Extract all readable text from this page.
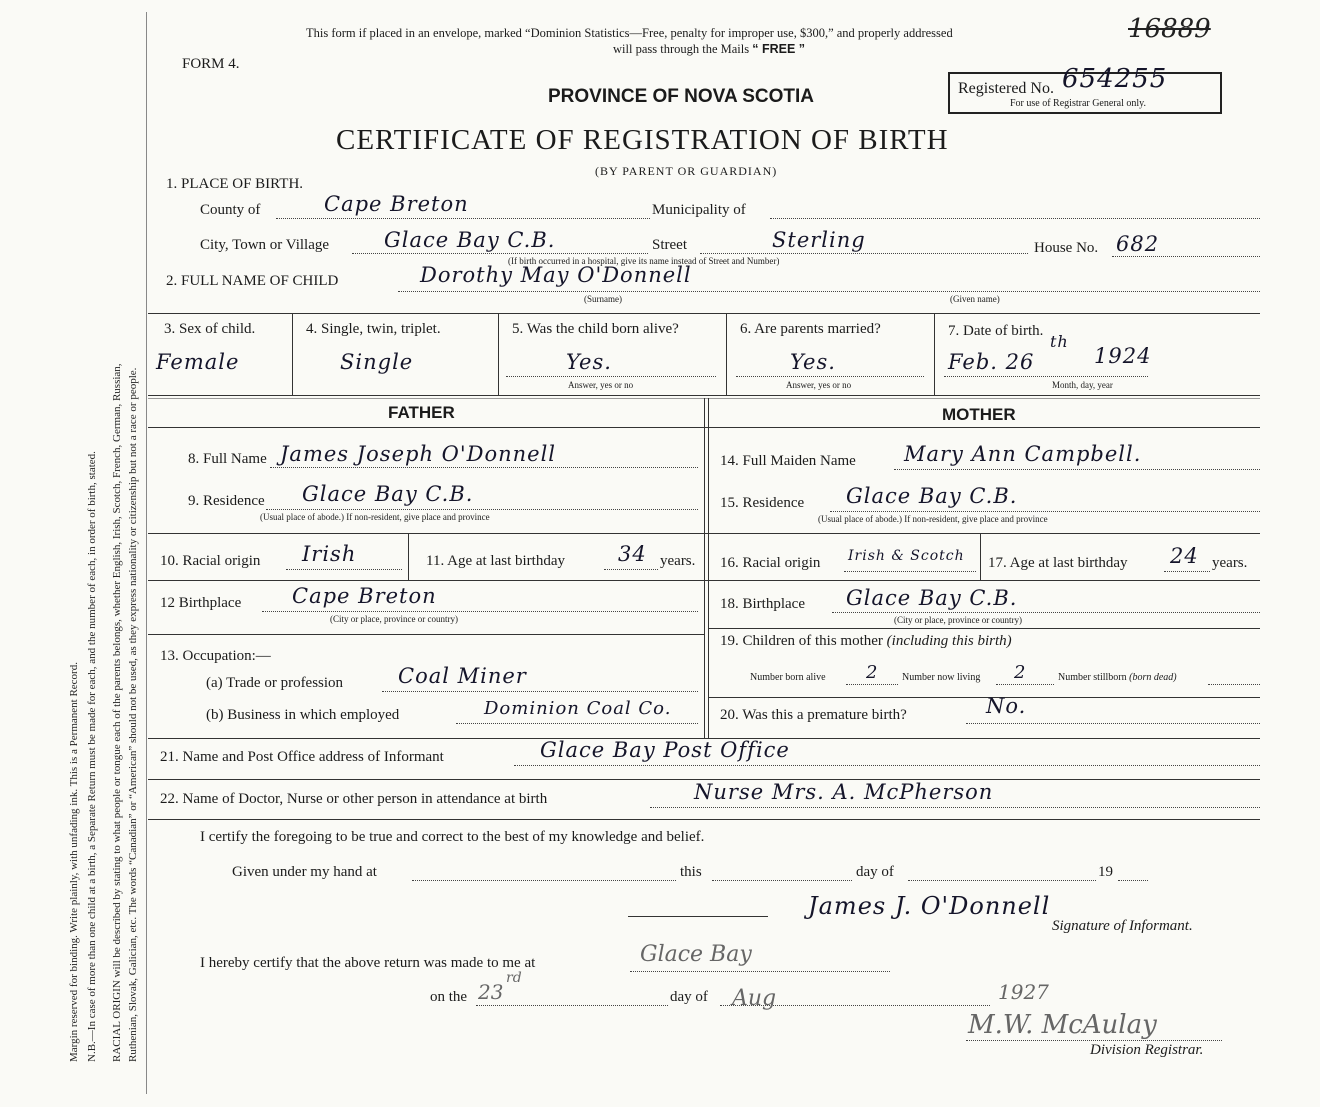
Margin reserved for binding. Write plainly, with unfading ink. This is a Permanent Record. N.B.—In case of more than one child at a birth, a Separate Return must be made for each, and the number of each, in order of birth, stated. RACIAL ORIGIN will be described by stating to what people or tongue each of the parents belongs, whether English, Irish, Scotch, French, German, Russian, Ruthenian, Slovak, Galician, etc. The words “Canadian” or “American” should not be used, as they express nationality or citizenship but not a race or people.
This form if placed in an envelope, marked “Dominion Statistics—Free, penalty for improper use, $300,” and properly addressed
will pass through the Mails “ FREE ”
16889
FORM 4.
PROVINCE OF NOVA SCOTIA
CERTIFICATE OF REGISTRATION OF BIRTH
(BY PARENT OR GUARDIAN)
Registered No. 654255
For use of Registrar General only.
1. PLACE OF BIRTH.
County of	Cape Breton	Municipality of
City, Town or Village	Glace Bay C.B.	Street	Sterling	House No. 682
(If birth occurred in a hospital, give its name instead of Street and Number)
2. FULL NAME OF CHILD	Dorothy May O'Donnell
(Surname)	(Given name)
3. Sex of child.
Female
4. Single, twin, triplet.
Single
5. Was the child born alive?
Yes.
Answer, yes or no
6. Are parents married?
Yes.
Answer, yes or no
7. Date of birth.
Feb. 26
th
1924
Month, day, year
FATHER	MOTHER
8. Full Name James Joseph O'Donnell
9. Residence Glace Bay C.B.
(Usual place of abode.) If non-resident, give place and province
10. Racial origin Irish	11. Age at last birthday	34 years.
12 Birthplace Cape Breton
(City or place, province or country)
13. Occupation:—
(a) Trade or profession	Coal Miner
(b) Business in which employed	Dominion Coal Co.
14. Full Maiden Name Mary Ann Campbell.
15. Residence Glace Bay C.B.
(Usual place of abode.) If non-resident, give place and province
16. Racial origin Irish & Scotch 17. Age at last birthday 24 years.
18. Birthplace Glace Bay C.B.
(City or place, province or country)
19. Children of this mother (including this birth)
Number born alive 2 Number now living 2	Number stillborn (born dead)
20. Was this a premature birth?	No.
21. Name and Post Office address of Informant	Glace Bay Post Office
22. Name of Doctor, Nurse or other person in attendance at birth	Nurse Mrs. A. McPherson
I certify the foregoing to be true and correct to the best of my knowledge and belief.
Given under my hand at	this	day of	19
James J. O'Donnell
Signature of Informant.
I hereby certify that the above return was made to me at	Glace Bay
on the 23
rd
day of Aug	1927
M.W. McAulay
Division Registrar.
